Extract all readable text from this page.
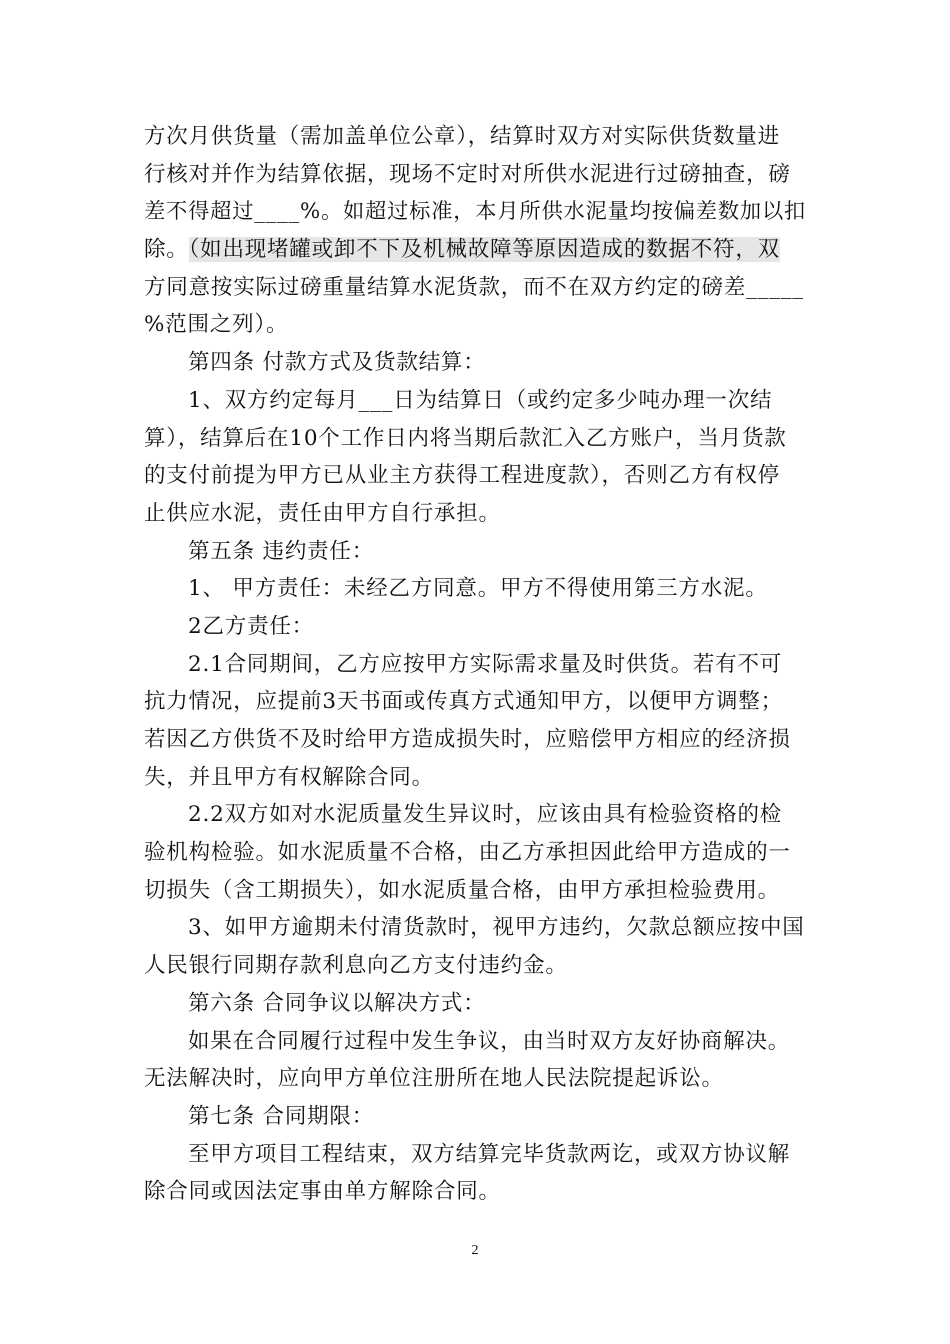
方次月供货量（需加盖单位公章），结算时双方对实际供货数量进
行核对并作为结算依据，现场不定时对所供水泥进行过磅抽查，磅
差不得超过____%。如超过标准，本月所供水泥量均按偏差数加以扣
除。（如出现堵罐或卸不下及机械故障等原因造成的数据不符，双
方同意按实际过磅重量结算水泥货款，而不在双方约定的磅差_____
%范围之列）。
第四条 付款方式及货款结算：
1、双方约定每月___日为结算日（或约定多少吨办理一次结
算），结算后在10个工作日内将当期后款汇入乙方账户，当月货款
的支付前提为甲方已从业主方获得工程进度款），否则乙方有权停
止供应水泥，责任由甲方自行承担。
第五条 违约责任：
1、 甲方责任：未经乙方同意。甲方不得使用第三方水泥。
2乙方责任：
2.1合同期间，乙方应按甲方实际需求量及时供货。若有不可
抗力情况，应提前3天书面或传真方式通知甲方，以便甲方调整；
若因乙方供货不及时给甲方造成损失时，应赔偿甲方相应的经济损
失，并且甲方有权解除合同。
2.2双方如对水泥质量发生异议时，应该由具有检验资格的检
验机构检验。如水泥质量不合格，由乙方承担因此给甲方造成的一
切损失（含工期损失），如水泥质量合格，由甲方承担检验费用。
3、如甲方逾期未付清货款时，视甲方违约，欠款总额应按中国
人民银行同期存款利息向乙方支付违约金。
第六条 合同争议以解决方式：
如果在合同履行过程中发生争议，由当时双方友好协商解决。
无法解决时，应向甲方单位注册所在地人民法院提起诉讼。
第七条 合同期限：
至甲方项目工程结束，双方结算完毕货款两讫，或双方协议解
除合同或因法定事由单方解除合同。
2
